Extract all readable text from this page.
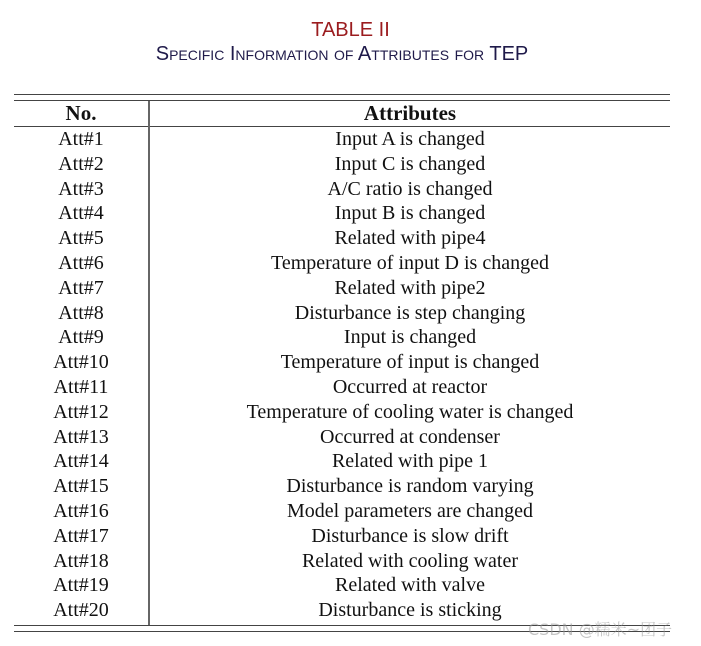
TABLE II
Specific Information of Attributes for TEP
No.	Attributes
Att#1	Input A is changed
Att#2	Input C is changed
Att#3	A/C ratio is changed
Att#4	Input B is changed
Att#5	Related with pipe4
Att#6	Temperature of input D is changed
Att#7	Related with pipe2
Att#8	Disturbance is step changing
Att#9	Input is changed
Att#10	Temperature of input is changed
Att#11	Occurred at reactor
Att#12	Temperature of cooling water is changed
Att#13	Occurred at condenser
Att#14	Related with pipe 1
Att#15	Disturbance is random varying
Att#16	Model parameters are changed
Att#17	Disturbance is slow drift
Att#18	Related with cooling water
Att#19	Related with valve
Att#20	Disturbance is sticking
CSDN @糯米~团子
